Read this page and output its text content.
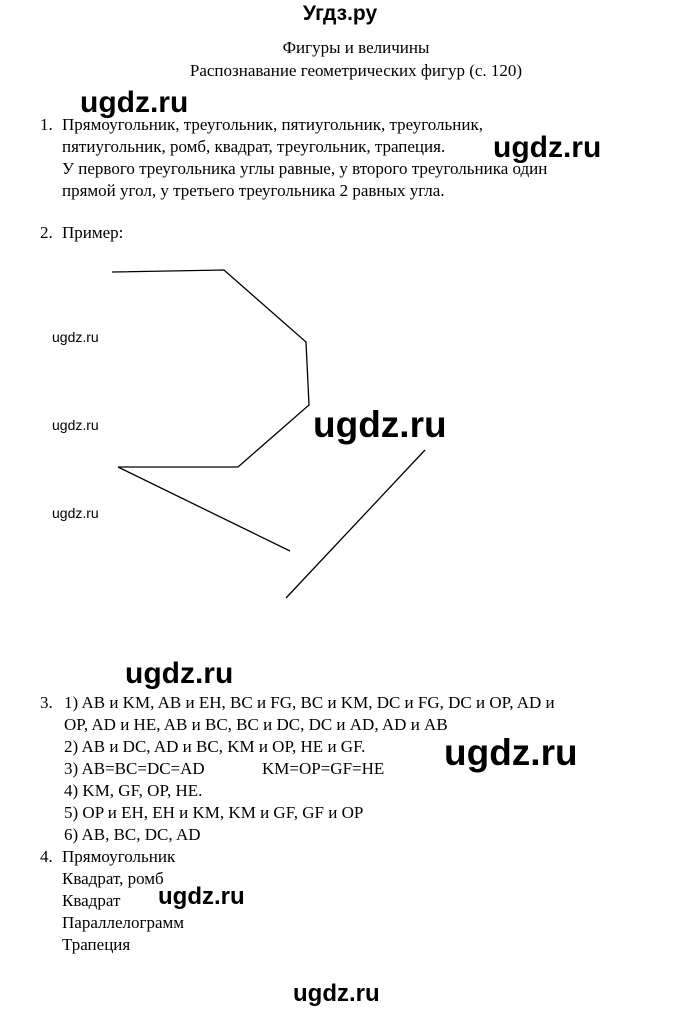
Угдз.ру
Фигуры и величины
Распознавание геометрических фигур (с. 120)
1. Прямоугольник, треугольник, пятиугольник, треугольник,
пятиугольник, ромб, квадрат, треугольник, трапеция.
У первого треугольника углы равные, у второго треугольника один
прямой угол, у третьего треугольника 2 равных угла.
2. Пример:
3. 1) AB и KM, AB и EH, BC и FG, BC и KM, DC и FG, DC и OP, AD и
OP, AD и HE, AB и BC, BC и DC, DC и AD, AD и AB
2) AB и DC, AD и BC, KM и OP, HE и GF.
3) AB=BC=DC=AD	KM=OP=GF=HE
4) KM, GF, OP, HE.
5) OP и EH, EH и KM, KM и GF, GF и OP
6) AB, BC, DC, AD
4. Прямоугольник
Квадрат, ромб
Квадрат
Параллелограмм
Трапеция
ugdz.ru
ugdz.ru
ugdz.ru
ugdz.ru
ugdz.ru
ugdz.ru
ugdz.ru
ugdz.ru
ugdz.ru
ugdz.ru
